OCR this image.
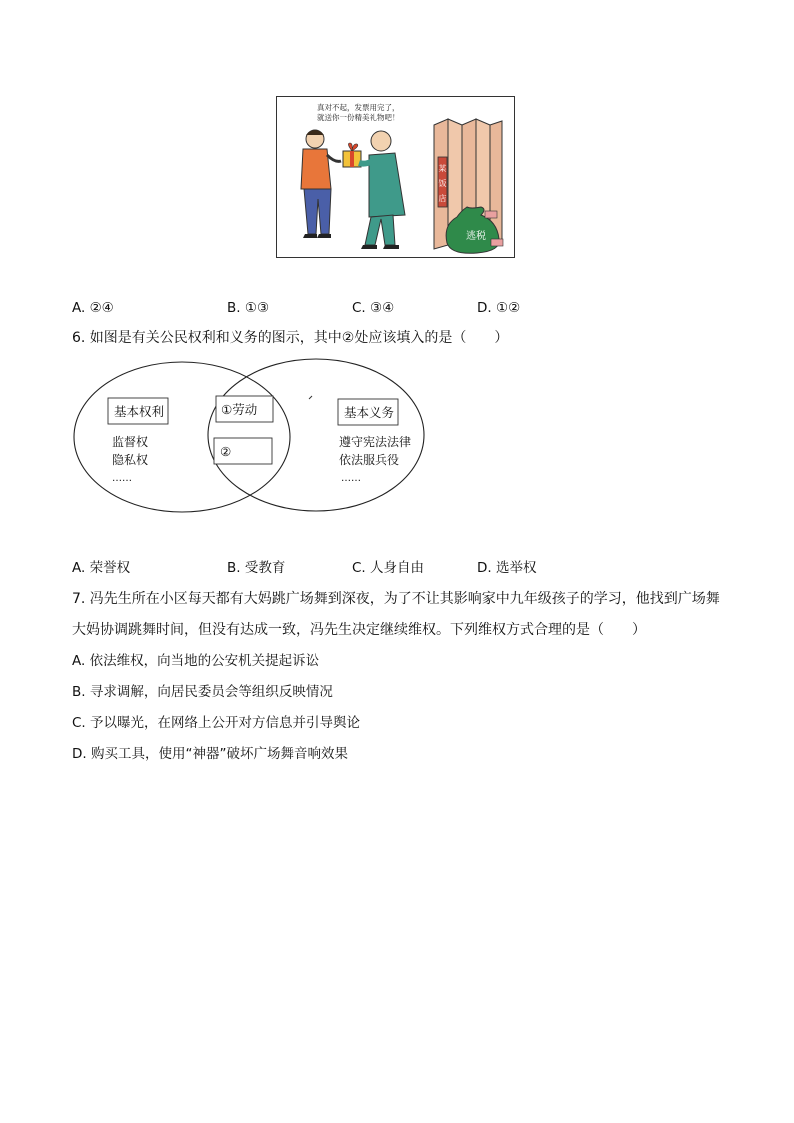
真对不起，发票用完了，
就送你一份精美礼物吧！
某
饭
店
逃税
A. ②④	B. ①③	C. ③④	D. ①②
6. 如图是有关公民权利和义务的图示，其中②处应该填入的是（　　）
基本权利
监督权
隐私权
……
①劳动
②
基本义务
遵守宪法法律
依法服兵役
……
A. 荣誉权	B. 受教育	C. 人身自由	D. 选举权
7. 冯先生所在小区每天都有大妈跳广场舞到深夜，为了不让其影响家中九年级孩子的学习，他找到广场舞
大妈协调跳舞时间，但没有达成一致，冯先生决定继续维权。下列维权方式合理的是（　　）
A. 依法维权，向当地的公安机关提起诉讼
B. 寻求调解，向居民委员会等组织反映情况
C. 予以曝光，在网络上公开对方信息并引导舆论
D. 购买工具，使用“神器”破坏广场舞音响效果
